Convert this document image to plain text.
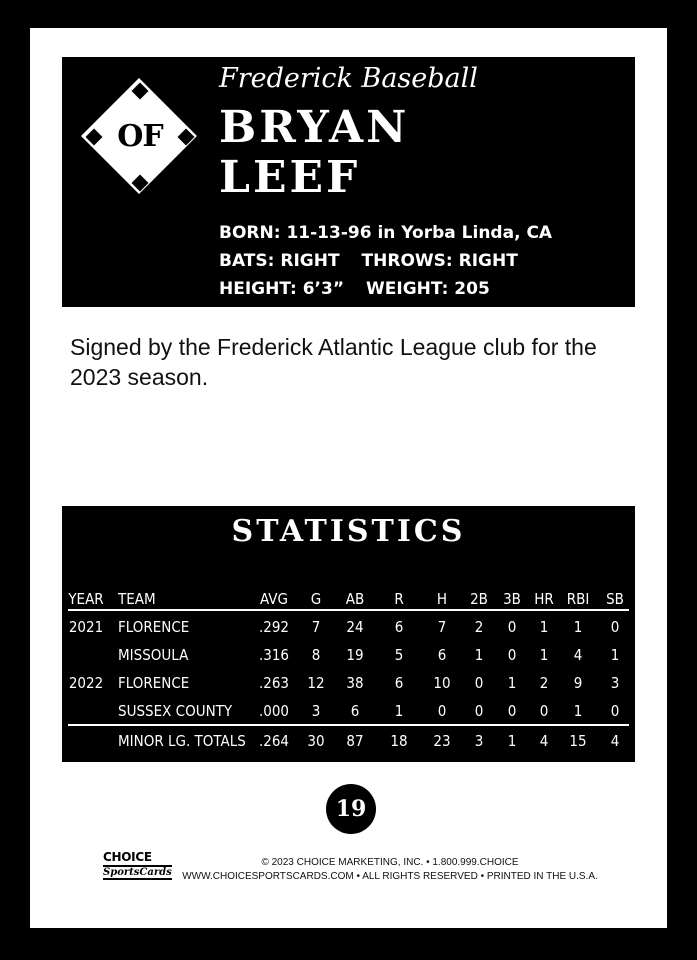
OF
Frederick Baseball
BRYAN
LEEF
BORN: 11-13-96 in Yorba Linda, CA
BATS: RIGHT THROWS: RIGHT
HEIGHT: 6’3” WEIGHT: 205
Signed by the Frederick Atlantic League club for the 2023 season.
STATISTICS
YEAR TEAM	AVG G AB R H 2B 3B HR RBI SB
2021 FLORENCE	.292 7 24 6 7 2 0 1 1 0
MISSOULA	.316 8 19 5 6 1 0 1 4 1
2022 FLORENCE	.263 12 38 6 10 0 1 2 9 3
SUSSEX COUNTY .000 3 6 1 0 0 0 0 1 0
MINOR LG. TOTALS .264 30 87 18 23 3 1 4 15 4
19
CHOICE
SportsCards
© 2023 CHOICE MARKETING, INC. • 1.800.999.CHOICE
WWW.CHOICESPORTSCARDS.COM • ALL RIGHTS RESERVED • PRINTED IN THE U.S.A.
